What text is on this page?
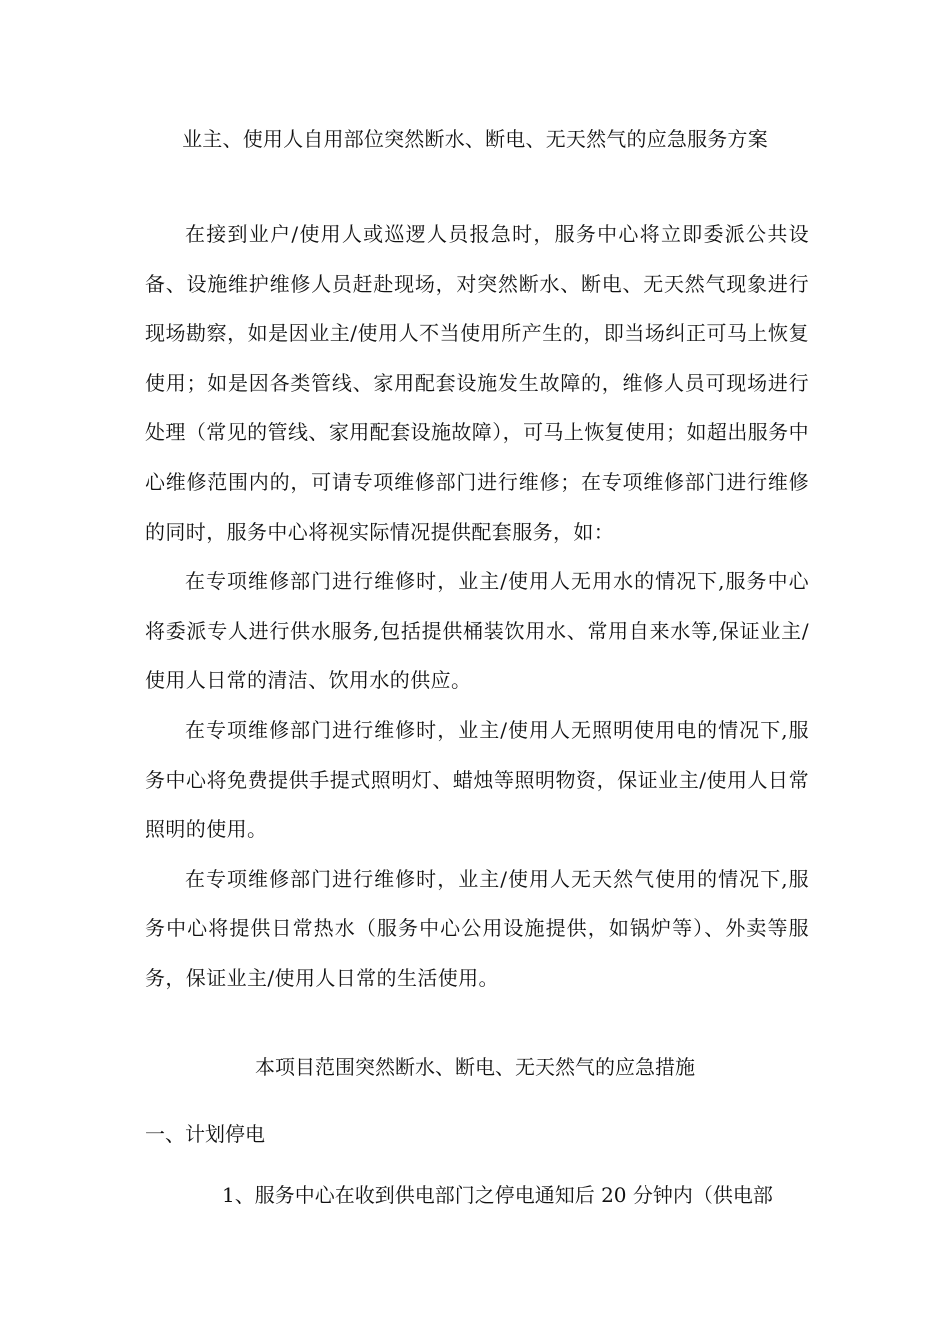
业主、使用人自用部位突然断水、断电、无天然气的应急服务方案

在接到业户/使用人或巡逻人员报急时，服务中心将立即委派公共设备、设施维护维修人员赶赴现场，对突然断水、断电、无天然气现象进行现场勘察，如是因业主/使用人不当使用所产生的，即当场纠正可马上恢复使用；如是因各类管线、家用配套设施发生故障的，维修人员可现场进行处理（常见的管线、家用配套设施故障），可马上恢复使用；如超出服务中心维修范围内的，可请专项维修部门进行维修；在专项维修部门进行维修的同时，服务中心将视实际情况提供配套服务，如：

在专项维修部门进行维修时，业主/使用人无用水的情况下,服务中心将委派专人进行供水服务,包括提供桶装饮用水、常用自来水等,保证业主/使用人日常的清洁、饮用水的供应。

在专项维修部门进行维修时，业主/使用人无照明使用电的情况下,服务中心将免费提供手提式照明灯、蜡烛等照明物资，保证业主/使用人日常照明的使用。

在专项维修部门进行维修时，业主/使用人无天然气使用的情况下,服务中心将提供日常热水（服务中心公用设施提供，如锅炉等）、外卖等服务，保证业主/使用人日常的生活使用。

本项目范围突然断水、断电、无天然气的应急措施
一、计划停电

1、服务中心在收到供电部门之停电通知后 20 分钟内（供电部
